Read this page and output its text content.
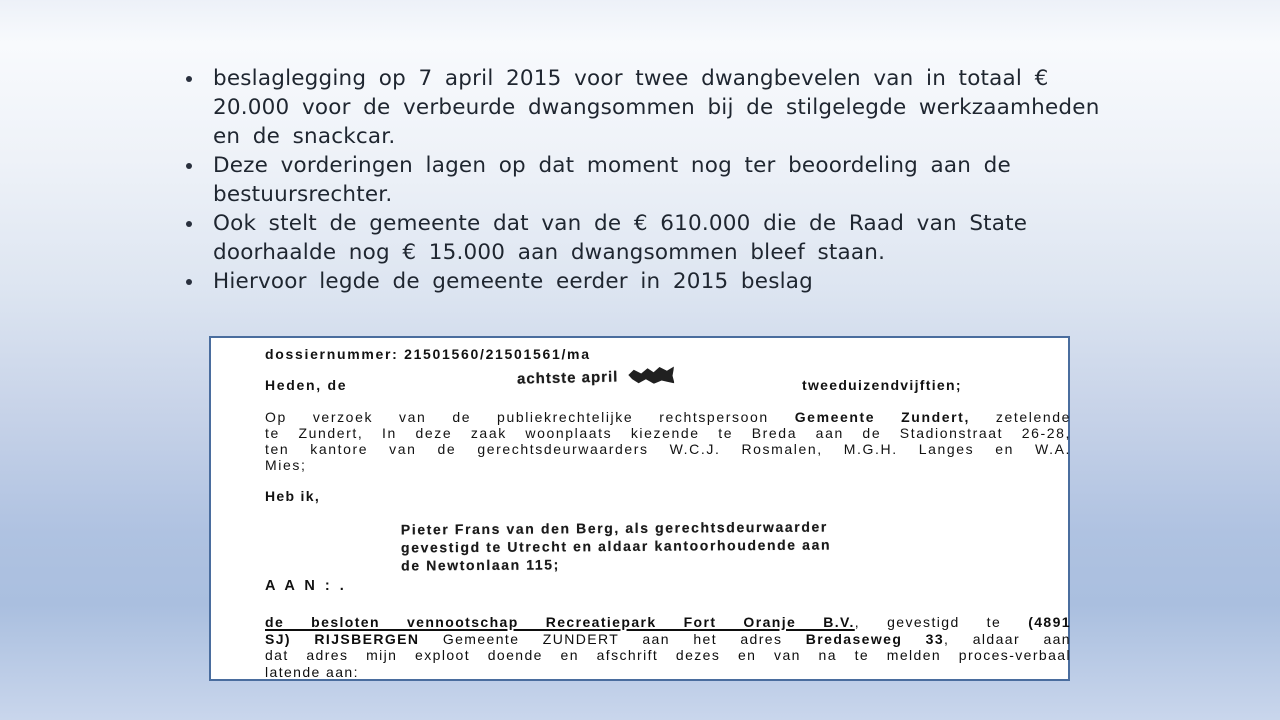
beslaglegging op 7 april 2015 voor twee dwangbevelen van in totaal €
20.000 voor de verbeurde dwangsommen bij de stilgelegde werkzaamheden
en de snackcar.
Deze vorderingen lagen op dat moment nog ter beoordeling aan de
bestuursrechter.
Ook stelt de gemeente dat van de € 610.000 die de Raad van State
doorhaalde nog € 15.000 aan dwangsommen bleef staan.
Hiervoor legde de gemeente eerder in 2015 beslag
dossiernummer: 21501560/21501561/ma
Heden, de	achtste april	tweeduizendvijftien;
Op verzoek van de publiekrechtelijke rechtspersoon Gemeente Zundert, zetelende
te Zundert, In deze zaak woonplaats kiezende te Breda aan de Stadionstraat 26-28,
ten kantore van de gerechtsdeurwaarders W.C.J. Rosmalen, M.G.H. Langes en W.A.
Mies;
Heb ik,
Pieter Frans van den Berg, als gerechtsdeurwaarder
gevestigd te Utrecht en aldaar kantoorhoudende aan
de Newtonlaan 115;
A A N : .
de besloten vennootschap Recreatiepark Fort Oranje B.V., gevestigd te (4891
SJ) RIJSBERGEN Gemeente ZUNDERT aan het adres Bredaseweg 33, aldaar aan
dat adres mijn exploot doende en afschrift dezes en van na te melden proces-verbaal
latende aan:
